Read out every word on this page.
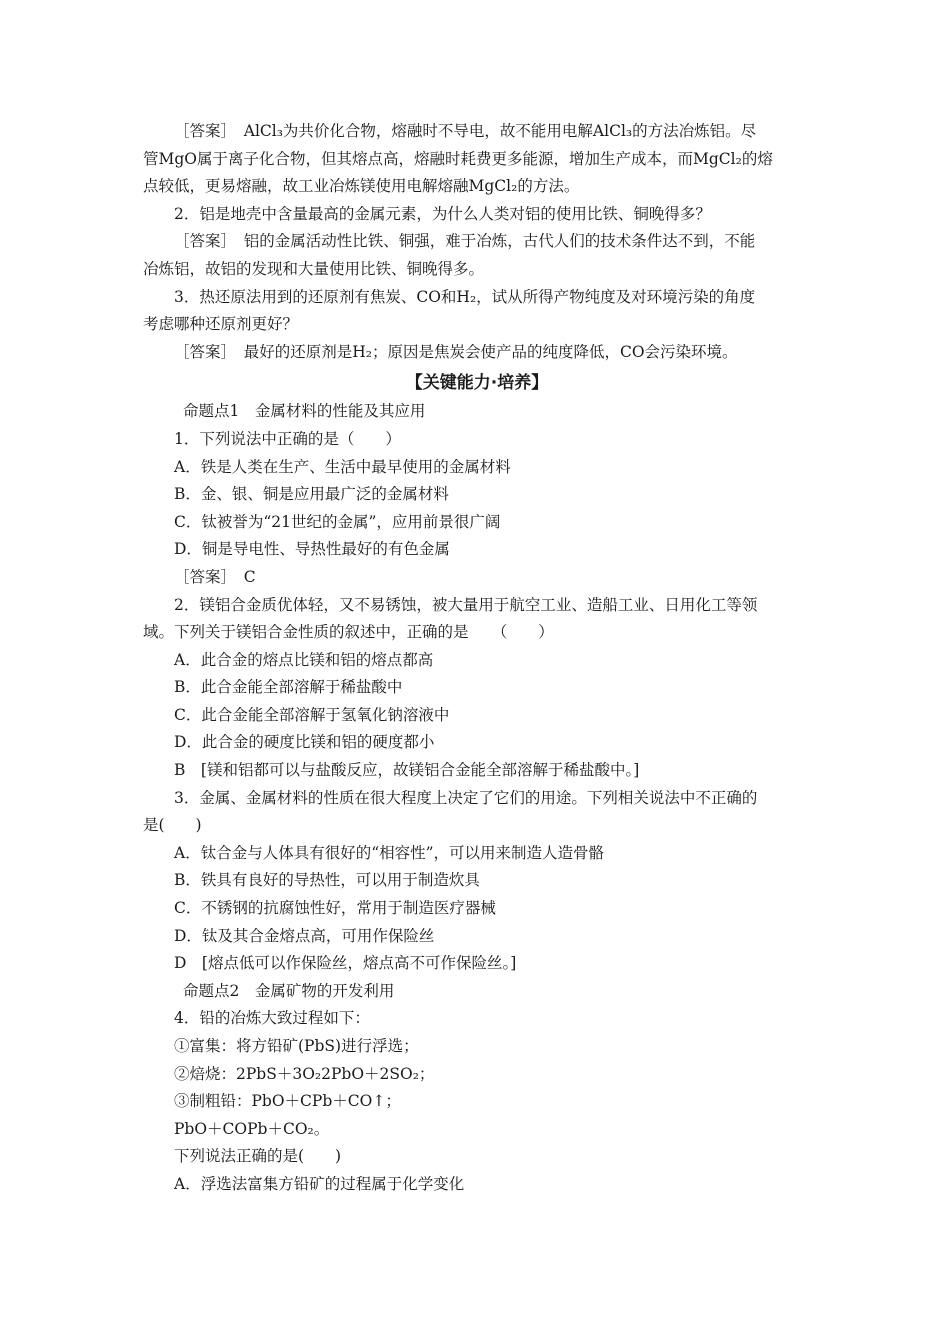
［答案］　AlCl₃为共价化合物，熔融时不导电，故不能用电解AlCl₃的方法冶炼铝。尽

管MgO属于离子化合物，但其熔点高，熔融时耗费更多能源，增加生产成本，而MgCl₂的熔

点较低，更易熔融，故工业冶炼镁使用电解熔融MgCl₂的方法。

2．铝是地壳中含量最高的金属元素，为什么人类对铝的使用比铁、铜晚得多？

［答案］　铝的金属活动性比铁、铜强，难于冶炼，古代人们的技术条件达不到，不能

冶炼铝，故铝的发现和大量使用比铁、铜晚得多。

3．热还原法用到的还原剂有焦炭、CO和H₂，试从所得产物纯度及对环境污染的角度

考虑哪种还原剂更好？

［答案］　最好的还原剂是H₂；原因是焦炭会使产品的纯度降低，CO会污染环境。

【关键能力·培养】

命题点1　金属材料的性能及其应用

1．下列说法中正确的是（　　）

A．铁是人类在生产、生活中最早使用的金属材料

B．金、银、铜是应用最广泛的金属材料

C．钛被誉为“21世纪的金属”，应用前景很广阔

D．铜是导电性、导热性最好的有色金属

［答案］　C

2．镁铝合金质优体轻，又不易锈蚀，被大量用于航空工业、造船工业、日用化工等领

域。下列关于镁铝合金性质的叙述中，正确的是　　（　　）

A．此合金的熔点比镁和铝的熔点都高

B．此合金能全部溶解于稀盐酸中

C．此合金能全部溶解于氢氧化钠溶液中

D．此合金的硬度比镁和铝的硬度都小

B　[镁和铝都可以与盐酸反应，故镁铝合金能全部溶解于稀盐酸中。]

3．金属、金属材料的性质在很大程度上决定了它们的用途。下列相关说法中不正确的

是(　　)

A．钛合金与人体具有很好的“相容性”，可以用来制造人造骨骼

B．铁具有良好的导热性，可以用于制造炊具

C．不锈钢的抗腐蚀性好，常用于制造医疗器械

D．钛及其合金熔点高，可用作保险丝

D　[熔点低可以作保险丝，熔点高不可作保险丝。]

命题点2　金属矿物的开发利用

4．铅的冶炼大致过程如下：

①富集：将方铅矿(PbS)进行浮选；

②焙烧：2PbS＋3O₂2PbO＋2SO₂；

③制粗铅：PbO＋CPb＋CO↑；

PbO＋COPb＋CO₂。

下列说法正确的是(　　)

A．浮选法富集方铅矿的过程属于化学变化
